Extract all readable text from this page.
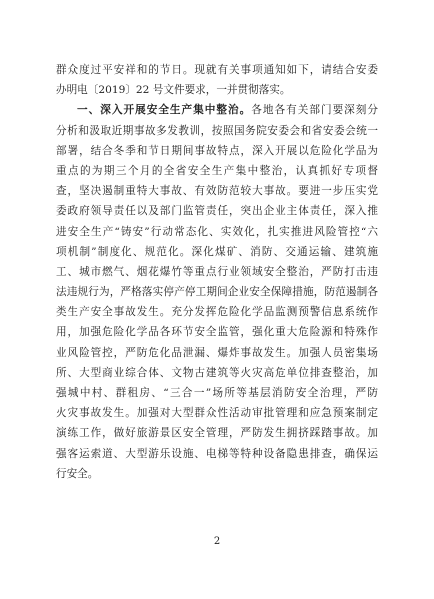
群众度过平安祥和的节日。现就有关事项通知如下，请结合安委
办明电〔2019〕22 号文件要求，一并贯彻落实。
一、深入开展安全生产集中整治。各地各有关部门要深刻分
分析和汲取近期事故多发教训，按照国务院安委会和省安委会统一
部署，结合冬季和节日期间事故特点，深入开展以危险化学品为
重点的为期三个月的全省安全生产集中整治，认真抓好专项督
查，坚决遏制重特大事故、有效防范较大事故。要进一步压实党
委政府领导责任以及部门监管责任，突出企业主体责任，深入推
进安全生产“铸安”行动常态化、实效化，扎实推进风险管控“六
项机制”制度化、规范化。深化煤矿、消防、交通运输、建筑施
工、城市燃气、烟花爆竹等重点行业领域安全整治，严防打击违
法违规行为，严格落实停产停工期间企业安全保障措施，防范遏制各
类生产安全事故发生。充分发挥危险化学品监测预警信息系统作
用，加强危险化学品各环节安全监管，强化重大危险源和特殊作
业风险管控，严防危化品泄漏、爆炸事故发生。加强人员密集场
所、大型商业综合体、文物古建筑等火灾高危单位排查整治，加
强城中村、群租房、“三合一”场所等基层消防安全治理，严防
火灾事故发生。加强对大型群众性活动审批管理和应急预案制定
演练工作，做好旅游景区安全管理，严防发生拥挤踩踏事故。加
强客运索道、大型游乐设施、电梯等特种设备隐患排查，确保运
行安全。
2
